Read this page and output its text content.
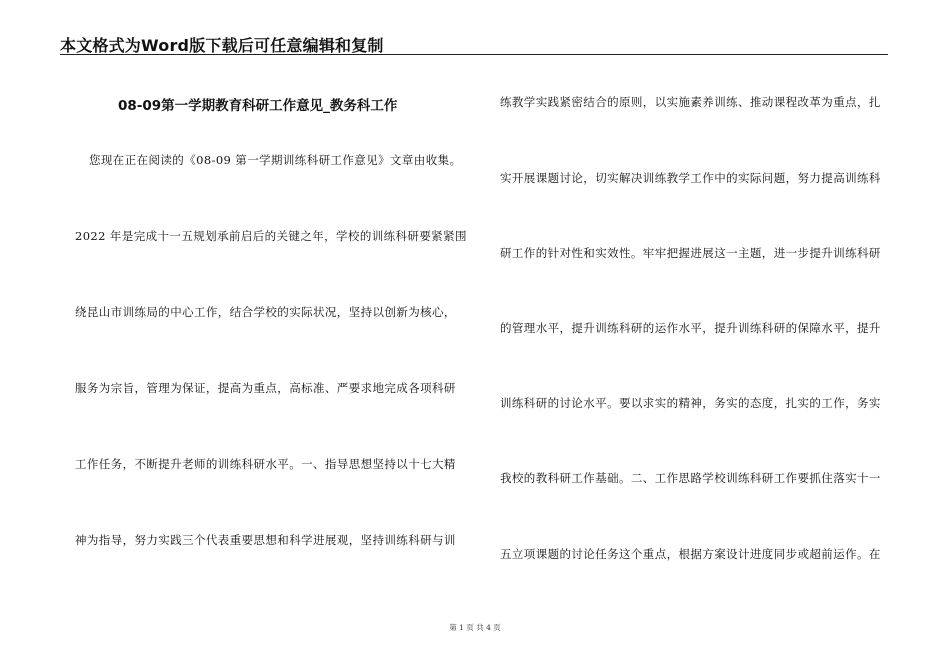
本文格式为Word版下载后可任意编辑和复制
08-09第一学期教育科研工作意见_教务科工作
您现在正在阅读的《08-09 第一学期训练科研工作意见》文章由收集。
2022 年是完成十一五规划承前启后的关键之年，学校的训练科研要紧紧围
绕昆山市训练局的中心工作，结合学校的实际状况，坚持以创新为核心，
服务为宗旨，管理为保证，提高为重点，高标准、严要求地完成各项科研
工作任务，不断提升老师的训练科研水平。一、指导思想坚持以十七大精
神为指导，努力实践三个代表重要思想和科学进展观，坚持训练科研与训
练教学实践紧密结合的原则，以实施素养训练、推动课程改革为重点，扎
实开展课题讨论，切实解决训练教学工作中的实际问题，努力提高训练科
研工作的针对性和实效性。牢牢把握进展这一主题，进一步提升训练科研
的管理水平，提升训练科研的运作水平，提升训练科研的保障水平，提升
训练科研的讨论水平。要以求实的精神，务实的态度，扎实的工作，务实
我校的教科研工作基础。二、工作思路学校训练科研工作要抓住落实十一
五立项课题的讨论任务这个重点，根据方案设计进度同步或超前运作。在
第 1 页 共 4 页
